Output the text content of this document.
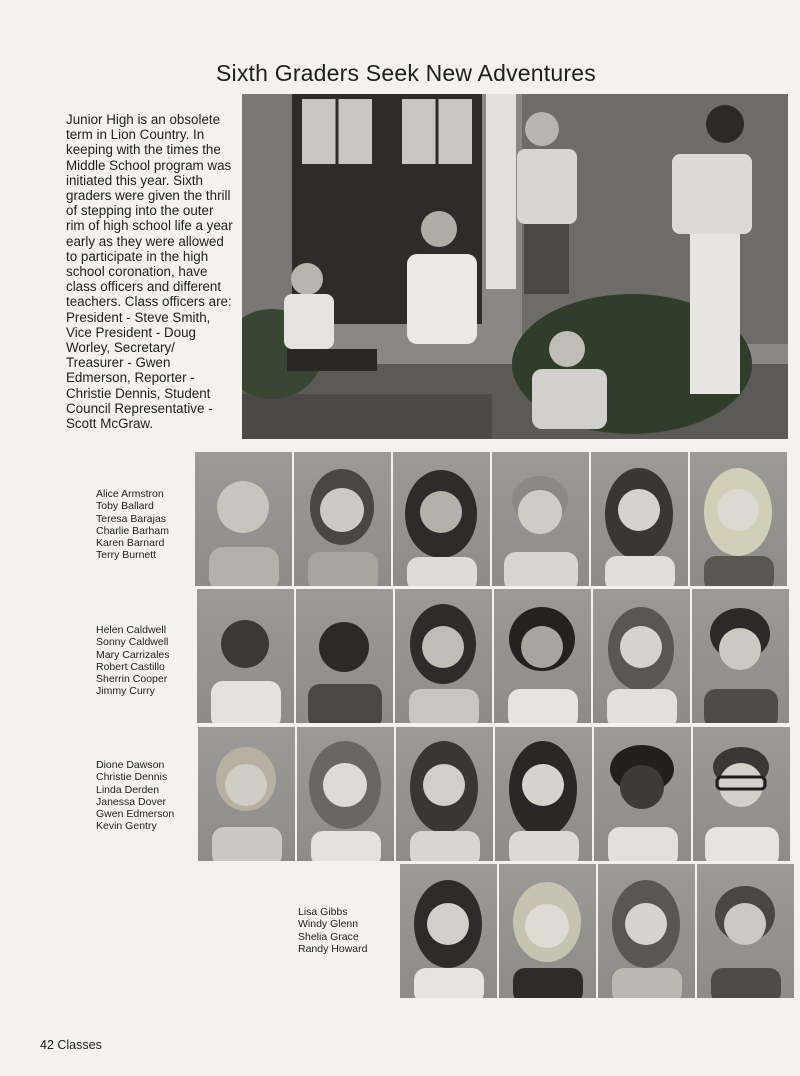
Sixth Graders Seek New Adventures
Junior High is an obsolete term in Lion Country. In keeping with the times the Middle School program was initiated this year. Sixth graders were given the thrill of stepping into the outer rim of high school life a year early as they were allowed to participate in the high school coronation, have class officers and different teachers. Class officers are: President - Steve Smith, Vice President - Doug Worley, Secretary/ Treasurer - Gwen Edmerson, Reporter - Christie Dennis, Student Council Representative - Scott McGraw.
Alice Armstron
Toby Ballard
Teresa Barajas
Charlie Barham
Karen Barnard
Terry Burnett
Helen Caldwell
Sonny Caldwell
Mary Carrizales
Robert Castillo
Sherrin Cooper
Jimmy Curry
Dione Dawson
Christie Dennis
Linda Derden
Janessa Dover
Gwen Edmerson
Kevin Gentry
Lisa Gibbs
Windy Glenn
Shelia Grace
Randy Howard
42 Classes
